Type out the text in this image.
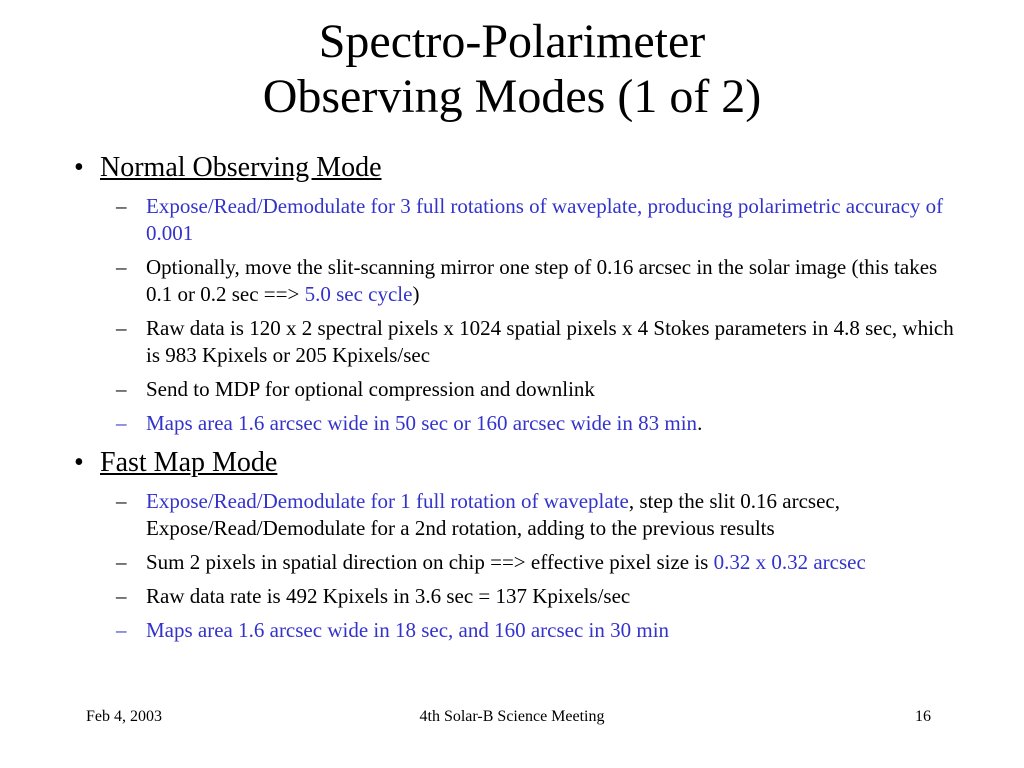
Spectro-Polarimeter
Observing Modes (1 of 2)
• Normal Observing Mode
– Expose/Read/Demodulate for 3 full rotations of waveplate, producing polarimetric accuracy of 0.001
– Optionally, move the slit-scanning mirror one step of 0.16 arcsec in the solar image (this takes 0.1 or 0.2 sec ==> 5.0 sec cycle)
– Raw data is 120 x 2 spectral pixels x 1024 spatial pixels x 4 Stokes parameters in 4.8 sec, which is 983 Kpixels or 205 Kpixels/sec
– Send to MDP for optional compression and downlink
– Maps area 1.6 arcsec wide in 50 sec or 160 arcsec wide in 83 min.
• Fast Map Mode
– Expose/Read/Demodulate for 1 full rotation of waveplate, step the slit 0.16 arcsec, Expose/Read/Demodulate for a 2nd rotation, adding to the previous results
– Sum 2 pixels in spatial direction on chip ==> effective pixel size is 0.32 x 0.32 arcsec
– Raw data rate is 492 Kpixels in 3.6 sec = 137 Kpixels/sec
– Maps area 1.6 arcsec wide in 18 sec, and 160 arcsec in 30 min
Feb 4, 2003	4th Solar-B Science Meeting	16
